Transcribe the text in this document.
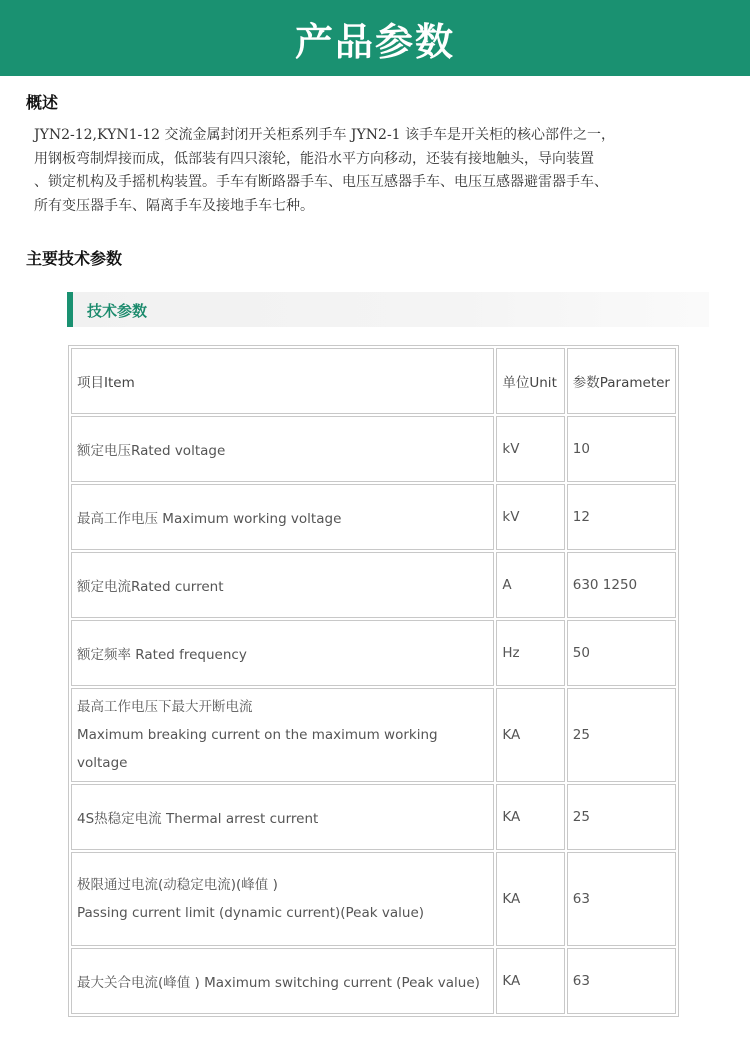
产品参数
概述
JYN2-12,KYN1-12 交流金属封闭开关柜系列手车 JYN2-1 该手车是开关柜的核心部件之一，
用钢板弯制焊接而成，低部装有四只滚轮，能沿水平方向移动，还装有接地触头，导向装置
、锁定机构及手摇机构装置。手车有断路器手车、电压互感器手车、电压互感器避雷器手车、
所有变压器手车、隔离手车及接地手车七种。
主要技术参数
技术参数
项目Item	单位Unit	参数Parameter

额定电压Rated voltage	kV	10

最高工作电压 Maximum working voltage	kV	12

额定电流Rated current	A	630 1250

额定频率 Rated frequency	Hz	50

最高工作电压下最大开断电流
Maximum breaking current on the maximum working voltage	KA	25

4S热稳定电流 Thermal arrest current	KA	25

极限通过电流(动稳定电流)(峰值 )
Passing current limit (dynamic current)(Peak value)	KA	63

最大关合电流(峰值 ) Maximum switching current (Peak value)	KA	63
